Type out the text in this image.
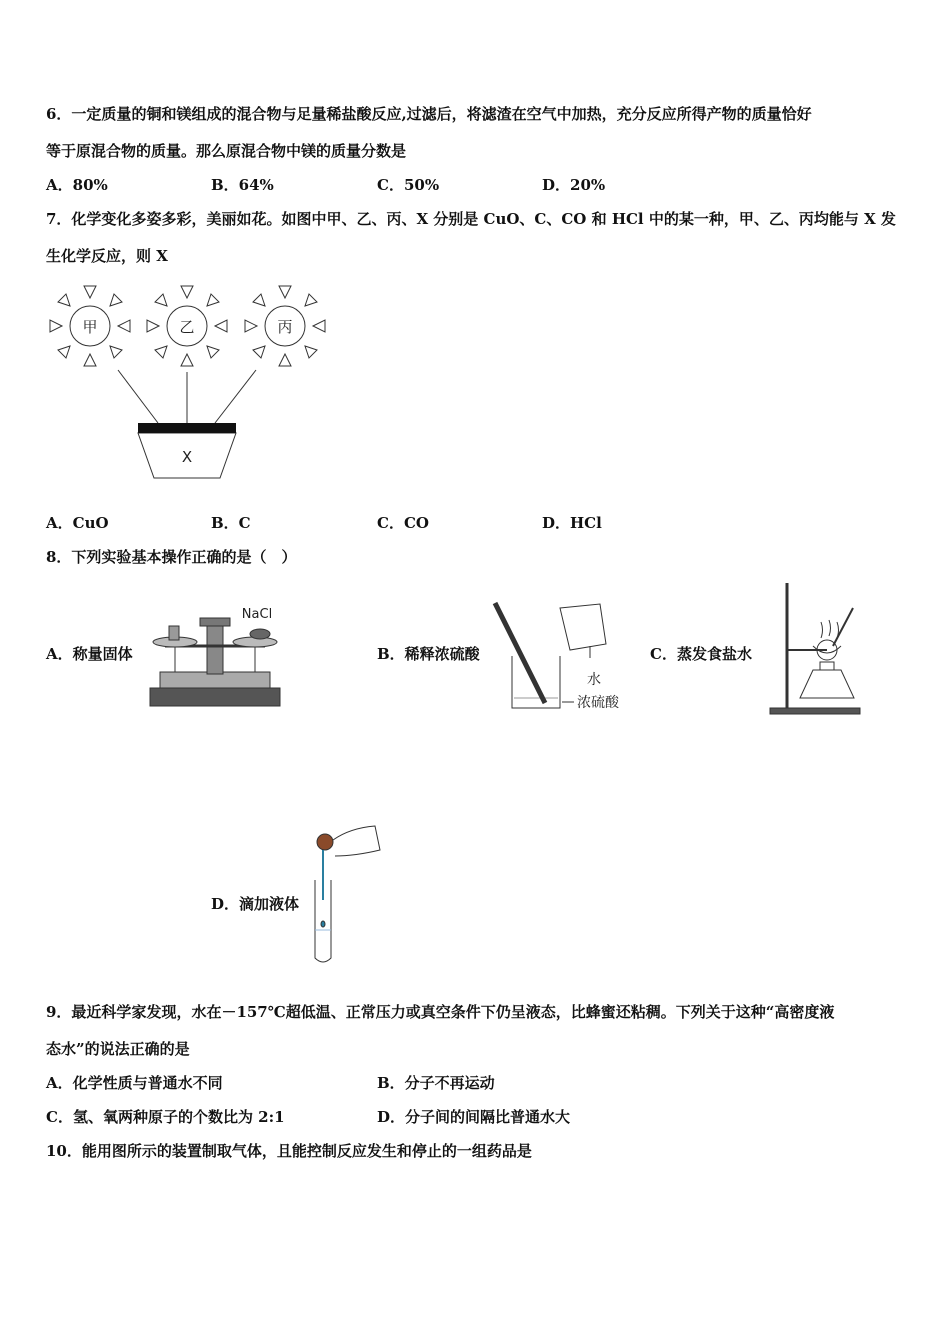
6．一定质量的铜和镁组成的混合物与足量稀盐酸反应,过滤后，将滤渣在空气中加热，充分反应所得产物的质量恰好
等于原混合物的质量。那么原混合物中镁的质量分数是
A．80%	B．64%	C．50%	D．20%
7．化学变化多姿多彩，美丽如花。如图中甲、乙、丙、X 分别是 CuO、C、CO 和 HCl 中的某一种，甲、乙、丙均能与 X 发
生化学反应，则 X
甲	乙	丙
X
A．CuO	B．C	C．CO	D．HCl
8．下列实验基本操作正确的是（　）
A．称量固体
NaCl
B．稀释浓硫酸
水
浓硫酸
C．蒸发食盐水
D．滴加液体
9．最近科学家发现，水在－157℃超低温、正常压力或真空条件下仍呈液态，比蜂蜜还粘稠。下列关于这种“高密度液
态水”的说法正确的是
A．化学性质与普通水不同	B．分子不再运动
C．氢、氧两种原子的个数比为 2:1	D．分子间的间隔比普通水大
10．能用图所示的装置制取气体，且能控制反应发生和停止的一组药品是
